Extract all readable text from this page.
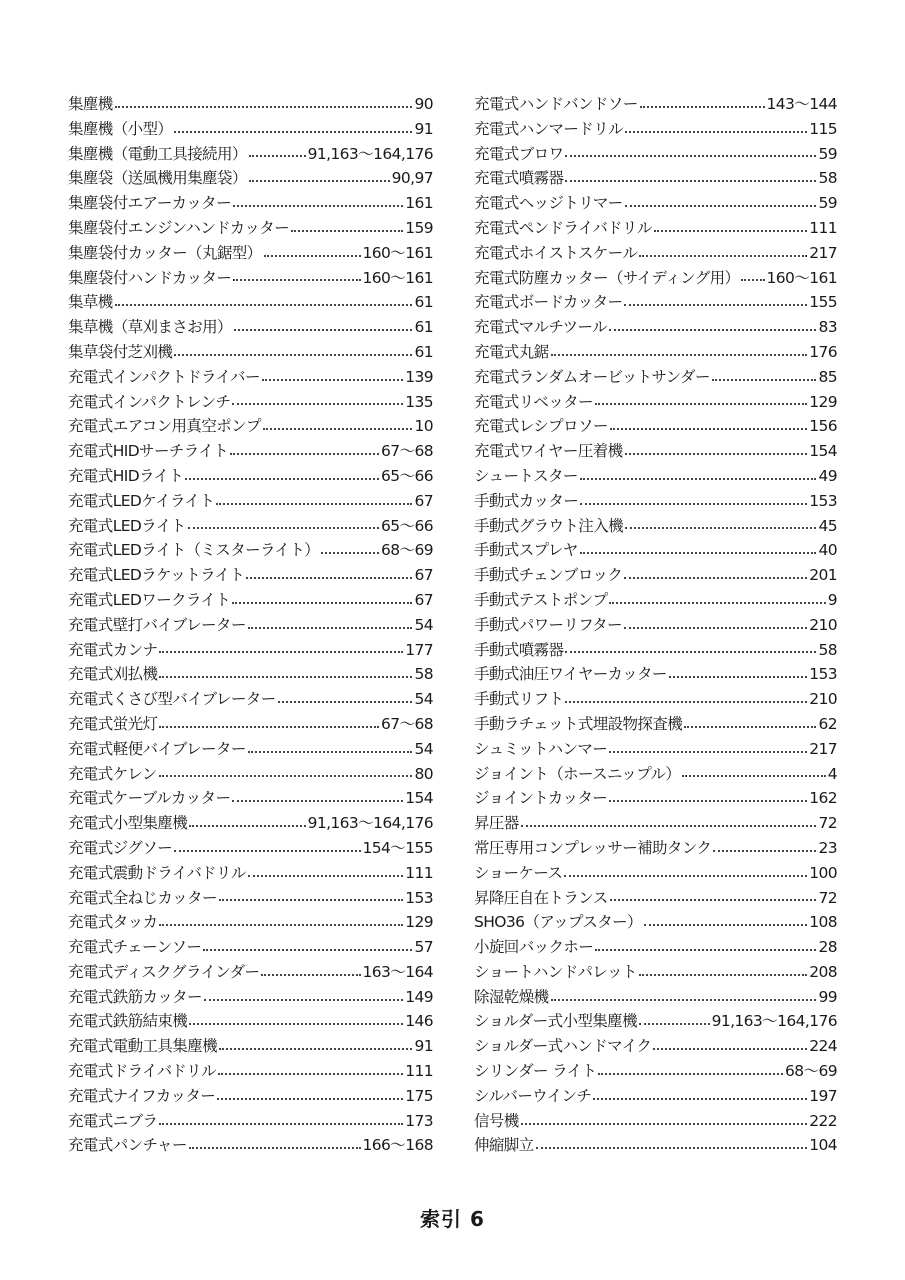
集塵機	90
集塵機（小型）	91
集塵機（電動工具接続用）	91,163〜164,176
集塵袋（送風機用集塵袋）	90,97
集塵袋付エアーカッター	161
集塵袋付エンジンハンドカッター	159
集塵袋付カッター（丸鋸型）	160〜161
集塵袋付ハンドカッター	160〜161
集草機	61
集草機（草刈まさお用）	61
集草袋付芝刈機	61
充電式インパクトドライバー	139
充電式インパクトレンチ	135
充電式エアコン用真空ポンプ	10
充電式HIDサーチライト	67〜68
充電式HIDライト	65〜66
充電式LEDケイライト	67
充電式LEDライト	65〜66
充電式LEDライト（ミスターライト）	68〜69
充電式LEDラケットライト	67
充電式LEDワークライト	67
充電式壁打バイブレーター	54
充電式カンナ	177
充電式刈払機	58
充電式くさび型バイブレーター	54
充電式蛍光灯	67〜68
充電式軽便バイブレーター	54
充電式ケレン	80
充電式ケーブルカッター	154
充電式小型集塵機	91,163〜164,176
充電式ジグソー	154〜155
充電式震動ドライバドリル	111
充電式全ねじカッター	153
充電式タッカ	129
充電式チェーンソー	57
充電式ディスクグラインダー	163〜164
充電式鉄筋カッター	149
充電式鉄筋結束機	146
充電式電動工具集塵機	91
充電式ドライバドリル	111
充電式ナイフカッター	175
充電式ニブラ	173
充電式パンチャー	166〜168
充電式ハンドバンドソー	143〜144
充電式ハンマードリル	115
充電式ブロワ	59
充電式噴霧器	58
充電式ヘッジトリマー	59
充電式ペンドライバドリル	111
充電式ホイストスケール	217
充電式防塵カッター（サイディング用） 160〜161
充電式ボードカッター	155
充電式マルチツール	83
充電式丸鋸	176
充電式ランダムオービットサンダー	85
充電式リベッター	129
充電式レシプロソー	156
充電式ワイヤー圧着機	154
シュートスター	49
手動式カッター	153
手動式グラウト注入機	45
手動式スプレヤ	40
手動式チェンブロック	201
手動式テストポンプ	9
手動式パワーリフター	210
手動式噴霧器	58
手動式油圧ワイヤーカッター	153
手動式リフト	210
手動ラチェット式埋設物探査機	62
シュミットハンマー	217
ジョイント（ホースニップル）	4
ジョイントカッター	162
昇圧器	72
常圧専用コンプレッサー補助タンク	23
ショーケース	100
昇降圧自在トランス	72
SHO36（アップスター）	108
小旋回バックホー	28
ショートハンドパレット	208
除湿乾燥機	99
ショルダー式小型集塵機	91,163〜164,176
ショルダー式ハンドマイク	224
シリンダー ライト	68〜69
シルバーウインチ	197
信号機	222
伸縮脚立	104
索引 6
